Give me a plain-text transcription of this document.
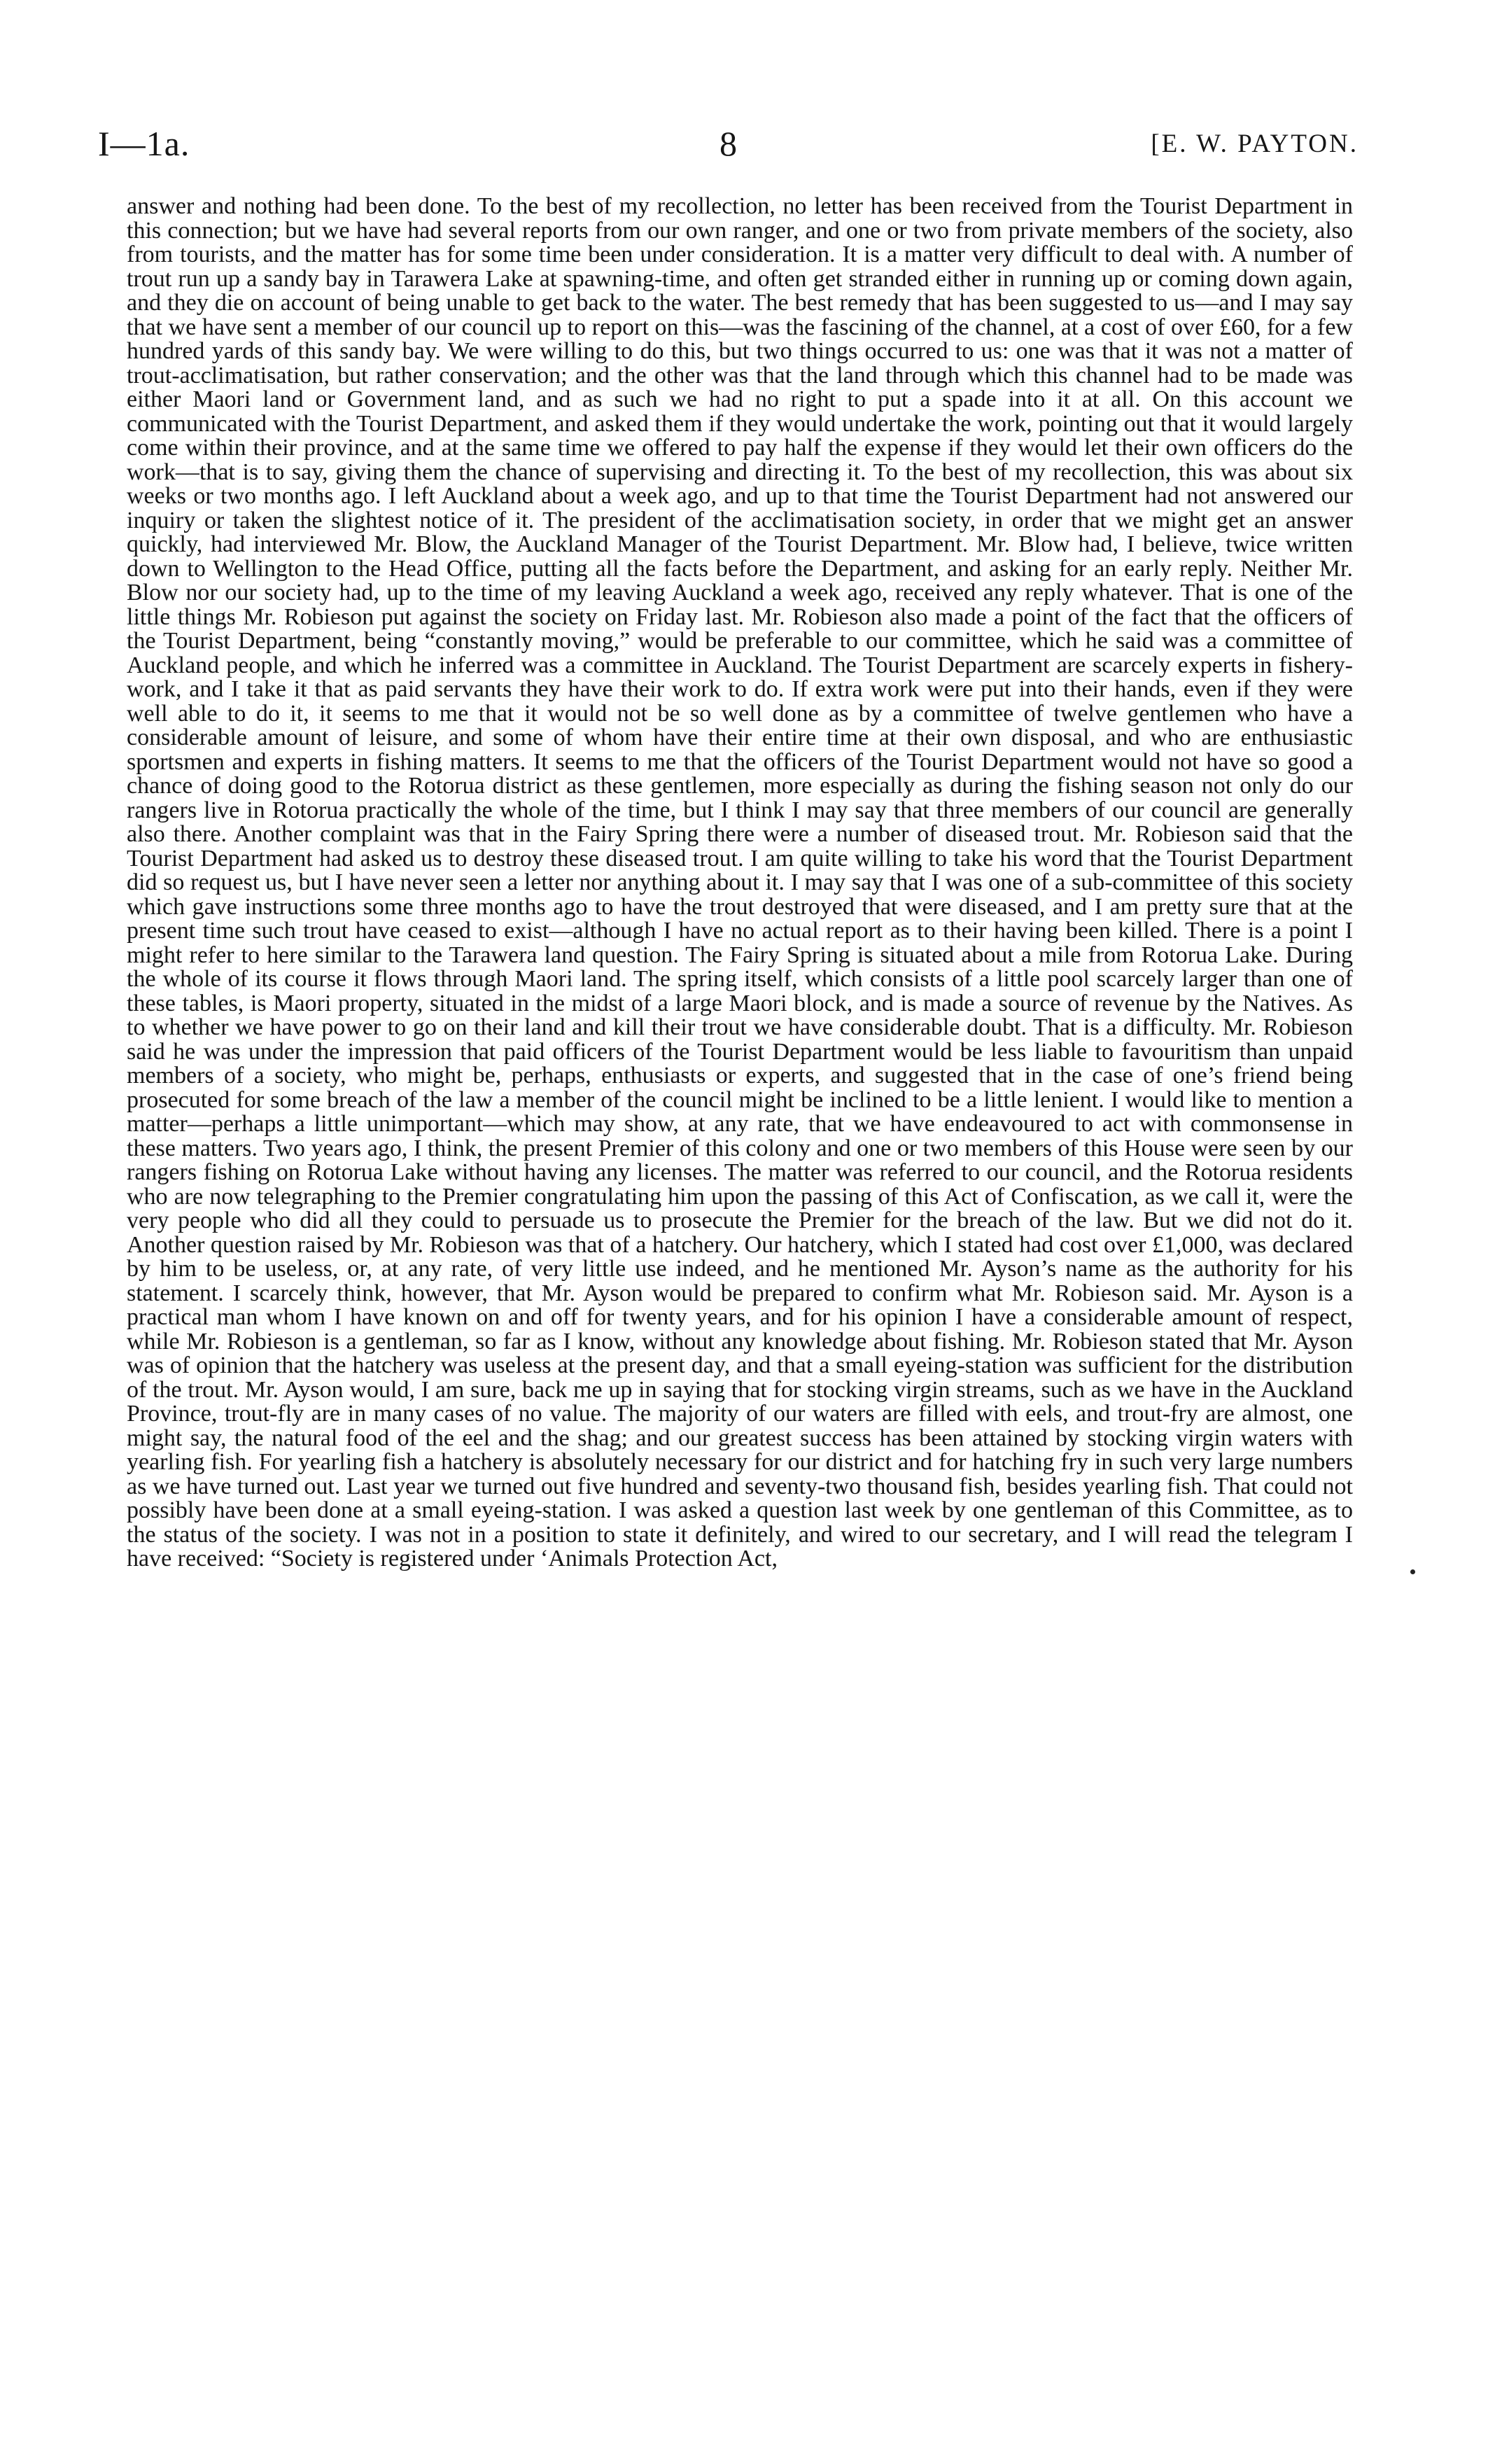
I—1a.	8	[E. W. PAYTON.

answer and nothing had been done. To the best of my recollection, no letter has been received from the Tourist Department in this connection; but we have had several reports from our own ranger, and one or two from private members of the society, also from tourists, and the matter has for some time been under consideration. It is a matter very difficult to deal with. A number of trout run up a sandy bay in Tarawera Lake at spawning-time, and often get stranded either in running up or coming down again, and they die on account of being unable to get back to the water. The best remedy that has been suggested to us—and I may say that we have sent a member of our council up to report on this—was the fascining of the channel, at a cost of over £60, for a few hundred yards of this sandy bay. We were willing to do this, but two things occurred to us: one was that it was not a matter of trout-acclimatisation, but rather conservation; and the other was that the land through which this channel had to be made was either Maori land or Government land, and as such we had no right to put a spade into it at all. On this account we communicated with the Tourist Department, and asked them if they would undertake the work, pointing out that it would largely come within their province, and at the same time we offered to pay half the expense if they would let their own officers do the work—that is to say, giving them the chance of supervising and directing it. To the best of my recollection, this was about six weeks or two months ago. I left Auckland about a week ago, and up to that time the Tourist Department had not answered our inquiry or taken the slightest notice of it. The president of the acclimatisation society, in order that we might get an answer quickly, had interviewed Mr. Blow, the Auckland Manager of the Tourist Department. Mr. Blow had, I believe, twice written down to Wellington to the Head Office, putting all the facts before the Department, and asking for an early reply. Neither Mr. Blow nor our society had, up to the time of my leaving Auckland a week ago, received any reply whatever. That is one of the little things Mr. Robieson put against the society on Friday last. Mr. Robieson also made a point of the fact that the officers of the Tourist Department, being “constantly moving,” would be preferable to our committee, which he said was a committee of Auckland people, and which he inferred was a committee in Auckland. The Tourist Department are scarcely experts in fishery-work, and I take it that as paid servants they have their work to do. If extra work were put into their hands, even if they were well able to do it, it seems to me that it would not be so well done as by a committee of twelve gentlemen who have a considerable amount of leisure, and some of whom have their entire time at their own disposal, and who are enthusiastic sportsmen and experts in fishing matters. It seems to me that the officers of the Tourist Department would not have so good a chance of doing good to the Rotorua district as these gentlemen, more especially as during the fishing season not only do our rangers live in Rotorua practically the whole of the time, but I think I may say that three members of our council are generally also there. Another complaint was that in the Fairy Spring there were a number of diseased trout. Mr. Robieson said that the Tourist Department had asked us to destroy these diseased trout. I am quite willing to take his word that the Tourist Department did so request us, but I have never seen a letter nor anything about it. I may say that I was one of a sub-committee of this society which gave instructions some three months ago to have the trout destroyed that were diseased, and I am pretty sure that at the present time such trout have ceased to exist—although I have no actual report as to their having been killed. There is a point I might refer to here similar to the Tarawera land question. The Fairy Spring is situated about a mile from Rotorua Lake. During the whole of its course it flows through Maori land. The spring itself, which consists of a little pool scarcely larger than one of these tables, is Maori property, situated in the midst of a large Maori block, and is made a source of revenue by the Natives. As to whether we have power to go on their land and kill their trout we have considerable doubt. That is a difficulty. Mr. Robieson said he was under the impression that paid officers of the Tourist Department would be less liable to favouritism than unpaid members of a society, who might be, perhaps, enthusiasts or experts, and suggested that in the case of one’s friend being prosecuted for some breach of the law a member of the council might be inclined to be a little lenient. I would like to mention a matter—perhaps a little unimportant—which may show, at any rate, that we have endeavoured to act with commonsense in these matters. Two years ago, I think, the present Premier of this colony and one or two members of this House were seen by our rangers fishing on Rotorua Lake without having any licenses. The matter was referred to our council, and the Rotorua residents who are now telegraphing to the Premier congratulating him upon the passing of this Act of Confiscation, as we call it, were the very people who did all they could to persuade us to prosecute the Premier for the breach of the law. But we did not do it. Another question raised by Mr. Robieson was that of a hatchery. Our hatchery, which I stated had cost over £1,000, was declared by him to be useless, or, at any rate, of very little use indeed, and he mentioned Mr. Ayson’s name as the authority for his statement. I scarcely think, however, that Mr. Ayson would be prepared to confirm what Mr. Robieson said. Mr. Ayson is a practical man whom I have known on and off for twenty years, and for his opinion I have a considerable amount of respect, while Mr. Robieson is a gentleman, so far as I know, without any knowledge about fishing. Mr. Robieson stated that Mr. Ayson was of opinion that the hatchery was useless at the present day, and that a small eyeing-station was sufficient for the distribution of the trout. Mr. Ayson would, I am sure, back me up in saying that for stocking virgin streams, such as we have in the Auckland Province, trout-fly are in many cases of no value. The majority of our waters are filled with eels, and trout-fry are almost, one might say, the natural food of the eel and the shag; and our greatest success has been attained by stocking virgin waters with yearling fish. For yearling fish a hatchery is absolutely necessary for our district and for hatching fry in such very large numbers as we have turned out. Last year we turned out five hundred and seventy-two thousand fish, besides yearling fish. That could not possibly have been done at a small eyeing-station. I was asked a question last week by one gentleman of this Committee, as to the status of the society. I was not in a position to state it definitely, and wired to our secretary, and I will read the telegram I have received: “Society is registered under ‘Animals Protection Act,
